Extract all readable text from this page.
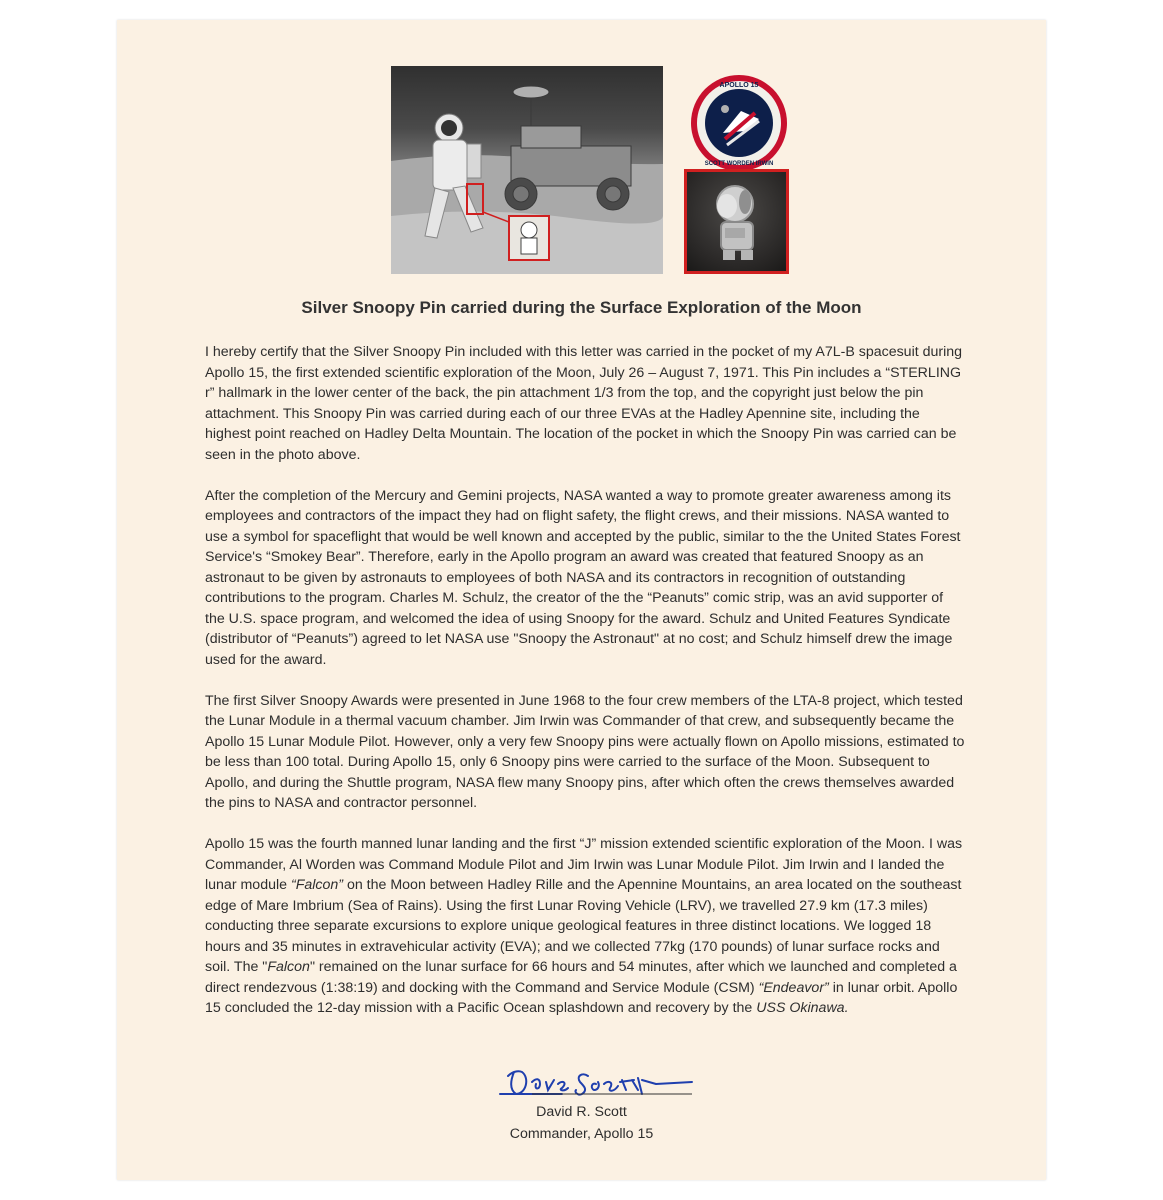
APOLLO 15
SCOTT WORDEN IRWIN
Silver Snoopy Pin carried during the Surface Exploration of the Moon

I hereby certify that the Silver Snoopy Pin included with this letter was carried in the pocket of my A7L-B spacesuit during Apollo 15, the first extended scientific exploration of the Moon, July 26 – August 7, 1971. This Pin includes a “STERLING r” hallmark in the lower center of the back, the pin attachment 1/3 from the top, and the copyright just below the pin attachment. This Snoopy Pin was carried during each of our three EVAs at the Hadley Apennine site, including the highest point reached on Hadley Delta Mountain. The location of the pocket in which the Snoopy Pin was carried can be seen in the photo above.

After the completion of the Mercury and Gemini projects, NASA wanted a way to promote greater awareness among its employees and contractors of the impact they had on flight safety, the flight crews, and their missions. NASA wanted to use a symbol for spaceflight that would be well known and accepted by the public, similar to the the United States Forest Service's “Smokey Bear”. Therefore, early in the Apollo program an award was created that featured Snoopy as an astronaut to be given by astronauts to employees of both NASA and its contractors in recognition of outstanding contributions to the program. Charles M. Schulz, the creator of the the “Peanuts” comic strip, was an avid supporter of the U.S. space program, and welcomed the idea of using Snoopy for the award. Schulz and United Features Syndicate (distributor of “Peanuts”) agreed to let NASA use "Snoopy the Astronaut" at no cost; and Schulz himself drew the image used for the award.

The first Silver Snoopy Awards were presented in June 1968 to the four crew members of the LTA-8 project, which tested the Lunar Module in a thermal vacuum chamber. Jim Irwin was Commander of that crew, and subsequently became the Apollo 15 Lunar Module Pilot. However, only a very few Snoopy pins were actually flown on Apollo missions, estimated to be less than 100 total. During Apollo 15, only 6 Snoopy pins were carried to the surface of the Moon. Subsequent to Apollo, and during the Shuttle program, NASA flew many Snoopy pins, after which often the crews themselves awarded the pins to NASA and contractor personnel.

Apollo 15 was the fourth manned lunar landing and the first “J” mission extended scientific exploration of the Moon. I was Commander, Al Worden was Command Module Pilot and Jim Irwin was Lunar Module Pilot. Jim Irwin and I landed the lunar module “Falcon” on the Moon between Hadley Rille and the Apennine Mountains, an area located on the southeast edge of Mare Imbrium (Sea of Rains). Using the first Lunar Roving Vehicle (LRV), we travelled 27.9 km (17.3 miles) conducting three separate excursions to explore unique geological features in three distinct locations. We logged 18 hours and 35 minutes in extravehicular activity (EVA); and we collected 77kg (170 pounds) of lunar surface rocks and soil. The "Falcon" remained on the lunar surface for 66 hours and 54 minutes, after which we launched and completed a direct rendezvous (1:38:19) and docking with the Command and Service Module (CSM) “Endeavor” in lunar orbit. Apollo 15 concluded the 12-day mission with a Pacific Ocean splashdown and recovery by the USS Okinawa.

David R. Scott
Commander, Apollo 15
